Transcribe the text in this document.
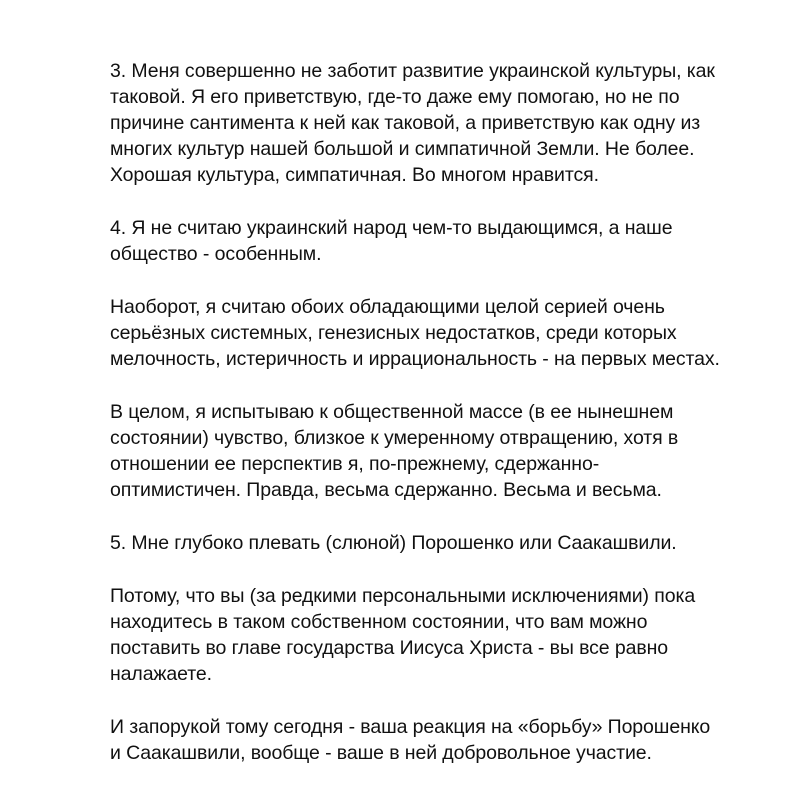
3. Меня совершенно не заботит развитие украинской культуры, как
таковой. Я его приветствую, где-то даже ему помогаю, но не по
причине сантимента к ней как таковой, а приветствую как одну из
многих культур нашей большой и симпатичной Земли. Не более.
Хорошая культура, симпатичная. Во многом нравится.

4. Я не считаю украинский народ чем-то выдающимся, а наше
общество - особенным.

Наоборот, я считаю обоих обладающими целой серией очень
серьёзных системных, генезисных недостатков, среди которых
мелочность, истеричность и иррациональность - на первых местах.

В целом, я испытываю к общественной массе (в ее нынешнем
состоянии) чувство, близкое к умеренному отвращению, хотя в
отношении ее перспектив я, по-прежнему, сдержанно-
оптимистичен. Правда, весьма сдержанно. Весьма и весьма.

5. Мне глубоко плевать (слюной) Порошенко или Саакашвили.

Потому, что вы (за редкими персональными исключениями) пока
находитесь в таком собственном состоянии, что вам можно
поставить во главе государства Иисуса Христа - вы все равно
налажаете.

И запорукой тому сегодня - ваша реакция на «борьбу» Порошенко
и Саакашвили, вообще - ваше в ней добровольное участие.
